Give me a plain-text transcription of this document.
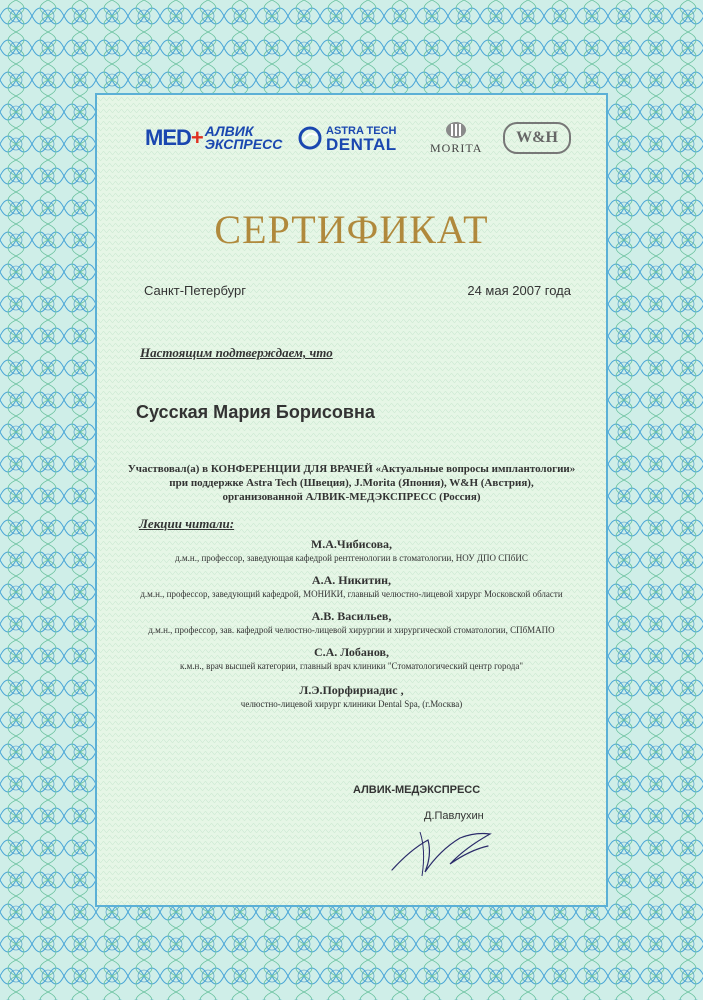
MED+ АЛВИК
ЭКСПРЕСС
ASTRA TECH
DENTAL	MORITA
W&H
СЕРТИФИКАТ
Санкт-Петербург	24 мая 2007 года
Настоящим подтверждаем, что
Сусская Мария Борисовна
Участвовал(а) в КОНФЕРЕНЦИИ ДЛЯ ВРАЧЕЙ «Актуальные вопросы имплантологии»
при поддержке Astra Tech (Швеция), J.Morita (Япония), W&H (Австрия),
организованной АЛВИК-МЕДЭКСПРЕСС (Россия)
Лекции читали:
М.А.Чибисова,
д.м.н., профессор, заведующая кафедрой рентгенологии в стоматологии, НОУ ДПО СПбИС
А.А. Никитин,
д.м.н., профессор, заведующий кафедрой, МОНИКИ, главный челюстно-лицевой хирург Московской области
А.В. Васильев,
д.м.н., профессор, зав. кафедрой челюстно-лицевой хирургии и хирургической стоматологии, СПбМАПО
С.А. Лобанов,
к.м.н., врач высшей категории, главный врач клиники "Стоматологический центр города"
Л.Э.Порфириадис ,
челюстно-лицевой хирург клиники Dental Spa, (г.Москва)
АЛВИК-МЕДЭКСПРЕСС
Д.Павлухин
